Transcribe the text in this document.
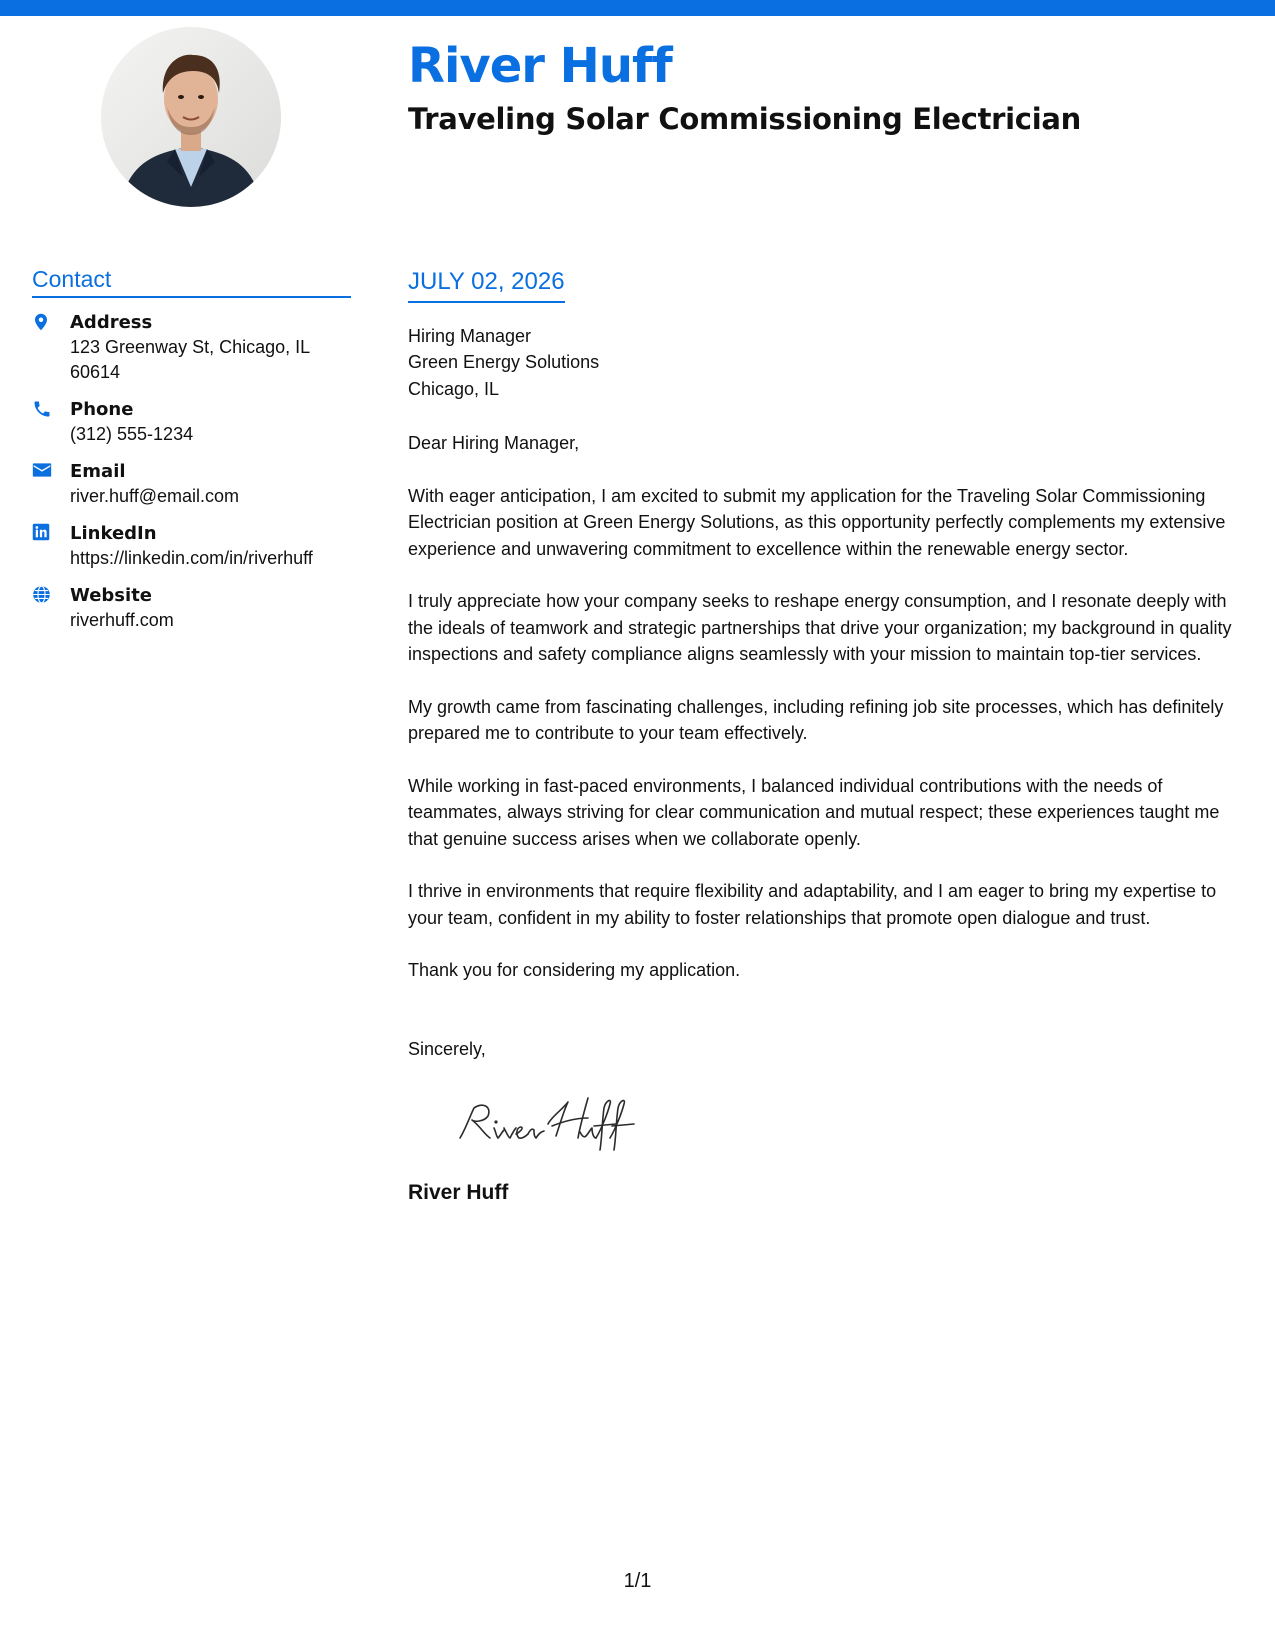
River Huff
Traveling Solar Commissioning Electrician
Contact
Address
123 Greenway St, Chicago, IL 60614
Phone
(312) 555-1234
Email
river.huff@email.com
LinkedIn
https://linkedin.com/in/riverhuff
Website
riverhuff.com
JULY 02, 2026
Hiring Manager
Green Energy Solutions
Chicago, IL
Dear Hiring Manager,
With eager anticipation, I am excited to submit my application for the Traveling Solar Commissioning Electrician position at Green Energy Solutions, as this opportunity perfectly complements my extensive experience and unwavering commitment to excellence within the renewable energy sector.
I truly appreciate how your company seeks to reshape energy consumption, and I resonate deeply with the ideals of teamwork and strategic partnerships that drive your organization; my background in quality inspections and safety compliance aligns seamlessly with your mission to maintain top-tier services.
My growth came from fascinating challenges, including refining job site processes, which has definitely prepared me to contribute to your team effectively.
While working in fast-paced environments, I balanced individual contributions with the needs of teammates, always striving for clear communication and mutual respect; these experiences taught me that genuine success arises when we collaborate openly.
I thrive in environments that require flexibility and adaptability, and I am eager to bring my expertise to your team, confident in my ability to foster relationships that promote open dialogue and trust.
Thank you for considering my application.
Sincerely,
River Huff
1/1
